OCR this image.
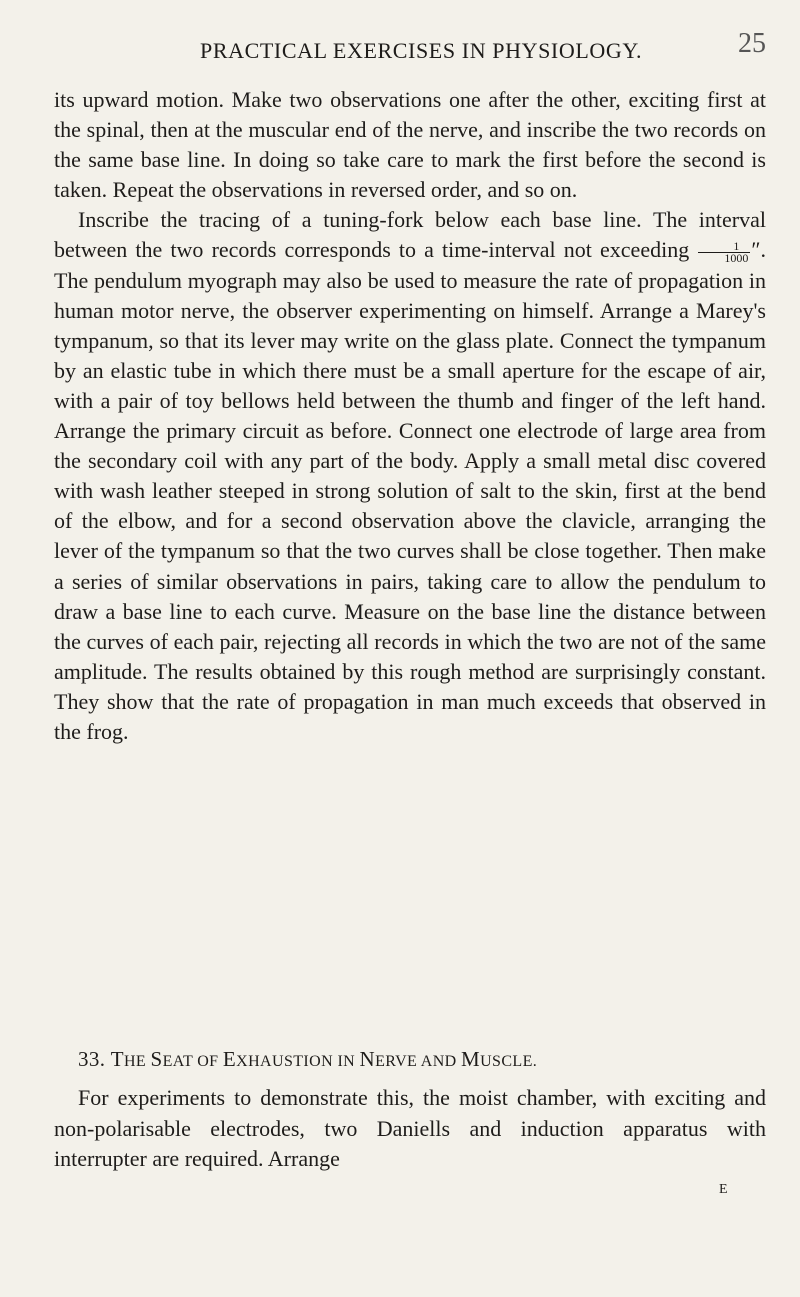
PRACTICAL EXERCISES IN PHYSIOLOGY.	25

its upward motion. Make two observations one after the other, exciting first at the spinal, then at the muscular end of the nerve, and inscribe the two records on the same base line. In doing so take care to mark the first before the second is taken. Repeat the observations in reversed order, and so on.

Inscribe the tracing of a tuning-fork below each base line. The interval between the two records corresponds to a time-interval not exceeding $\frac{1}{1000}$ ″. The pendulum myograph may also be used to measure the rate of propagation in human motor nerve, the observer experimenting on himself. Arrange a Marey's tympanum, so that its lever may write on the glass plate. Connect the tympanum by an elastic tube in which there must be a small aperture for the escape of air, with a pair of toy bellows held between the thumb and finger of the left hand. Arrange the primary circuit as before. Connect one electrode of large area from the secondary coil with any part of the body. Apply a small metal disc covered with wash leather steeped in strong solution of salt to the skin, first at the bend of the elbow, and for a second observation above the clavicle, arranging the lever of the tympanum so that the two curves shall be close together. Then make a series of similar observations in pairs, taking care to allow the pendulum to draw a base line to each curve. Measure on the base line the distance between the curves of each pair, rejecting all records in which the two are not of the same amplitude. The results obtained by this rough method are surprisingly constant. They show that the rate of propagation in man much exceeds that observed in the frog.

33. THE SEAT OF EXHAUSTION IN NERVE AND MUSCLE.

For experiments to demonstrate this, the moist chamber, with exciting and non-polarisable electrodes, two Daniells and induction apparatus with interrupter are required. Arrange

E
